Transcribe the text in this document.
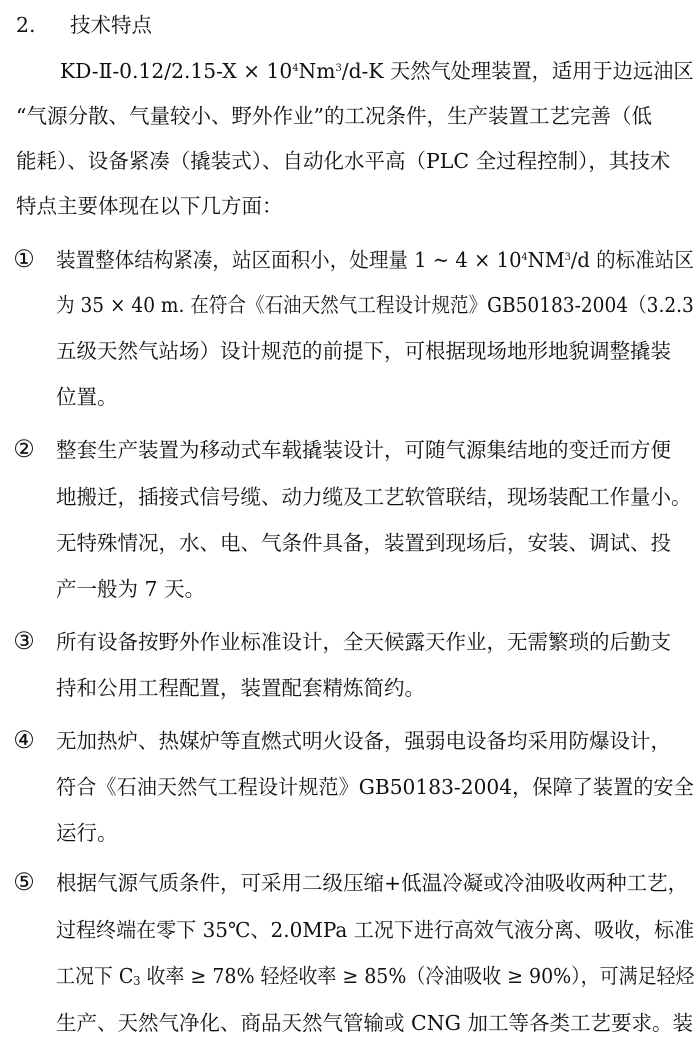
2. 技术特点
KD-Ⅱ-0.12/2.15-X × $10^4Nm^3/d-K$ 天然气处理装置，适用于边远油区
“气源分散、气量较小、野外作业”的工况条件，生产装置工艺完善（低
能耗）、设备紧凑（撬装式）、自动化水平高（PLC 全过程控制），其技术
特点主要体现在以下几方面：
① 装置整体结构紧凑，站区面积小，处理量 1 ~ $4 \times 10^4NM^3/d$ 的标准站区
为 35 × 40 m. 在符合《石油天然气工程设计规范》GB50183-2004（3.2.3
五级天然气站场）设计规范的前提下，可根据现场地形地貌调整撬装
位置。
② 整套生产装置为移动式车载撬装设计，可随气源集结地的变迁而方便
地搬迁，插接式信号缆、动力缆及工艺软管联结，现场装配工作量小。
无特殊情况，水、电、气条件具备，装置到现场后，安装、调试、投
产一般为 7 天。
③ 所有设备按野外作业标准设计，全天候露天作业，无需繁琐的后勤支
持和公用工程配置，装置配套精炼简约。
④ 无加热炉、热媒炉等直燃式明火设备，强弱电设备均采用防爆设计，
符合《石油天然气工程设计规范》GB50183-2004，保障了装置的安全
运行。
⑤ 根据气源气质条件，可采用二级压缩+低温冷凝或冷油吸收两种工艺，
过程终端在零下 35℃、2.0MPa 工况下进行高效气液分离、吸收，标准
工况下 $C_3$ 收率 ≥ 78% 轻烃收率 ≥ 85%（冷油吸收 ≥ 90%），可满足轻烃
生产、天然气净化、商品天然气管输或 CNG 加工等各类工艺要求。装
